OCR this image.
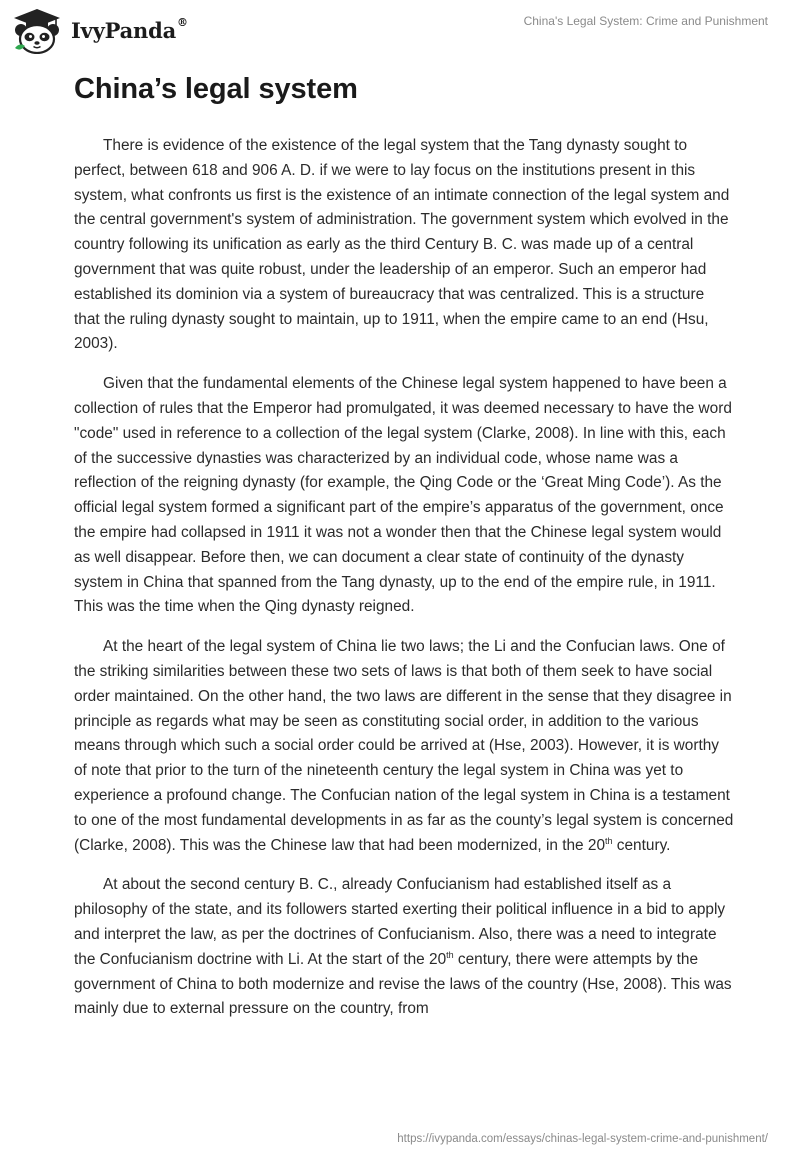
IvyPanda®	China's Legal System: Crime and Punishment
China’s legal system

There is evidence of the existence of the legal system that the Tang dynasty sought to perfect, between 618 and 906 A. D. if we were to lay focus on the institutions present in this system, what confronts us first is the existence of an intimate connection of the legal system and the central government's system of administration. The government system which evolved in the country following its unification as early as the third Century B. C. was made up of a central government that was quite robust, under the leadership of an emperor. Such an emperor had established its dominion via a system of bureaucracy that was centralized. This is a structure that the ruling dynasty sought to maintain, up to 1911, when the empire came to an end (Hsu, 2003).

Given that the fundamental elements of the Chinese legal system happened to have been a collection of rules that the Emperor had promulgated, it was deemed necessary to have the word "code" used in reference to a collection of the legal system (Clarke, 2008). In line with this, each of the successive dynasties was characterized by an individual code, whose name was a reflection of the reigning dynasty (for example, the Qing Code or the ‘Great Ming Code’). As the official legal system formed a significant part of the empire’s apparatus of the government, once the empire had collapsed in 1911 it was not a wonder then that the Chinese legal system would as well disappear. Before then, we can document a clear state of continuity of the dynasty system in China that spanned from the Tang dynasty, up to the end of the empire rule, in 1911. This was the time when the Qing dynasty reigned.

At the heart of the legal system of China lie two laws; the Li and the Confucian laws. One of the striking similarities between these two sets of laws is that both of them seek to have social order maintained. On the other hand, the two laws are different in the sense that they disagree in principle as regards what may be seen as constituting social order, in addition to the various means through which such a social order could be arrived at (Hse, 2003). However, it is worthy of note that prior to the turn of the nineteenth century the legal system in China was yet to experience a profound change. The Confucian nation of the legal system in China is a testament to one of the most fundamental developments in as far as the county’s legal system is concerned (Clarke, 2008). This was the Chinese law that had been modernized, in the 20th century.

At about the second century B. C., already Confucianism had established itself as a philosophy of the state, and its followers started exerting their political influence in a bid to apply and interpret the law, as per the doctrines of Confucianism. Also, there was a need to integrate the Confucianism doctrine with Li. At the start of the 20th century, there were attempts by the government of China to both modernize and revise the laws of the country (Hse, 2008). This was mainly due to external pressure on the country, from

https://ivypanda.com/essays/chinas-legal-system-crime-and-punishment/
